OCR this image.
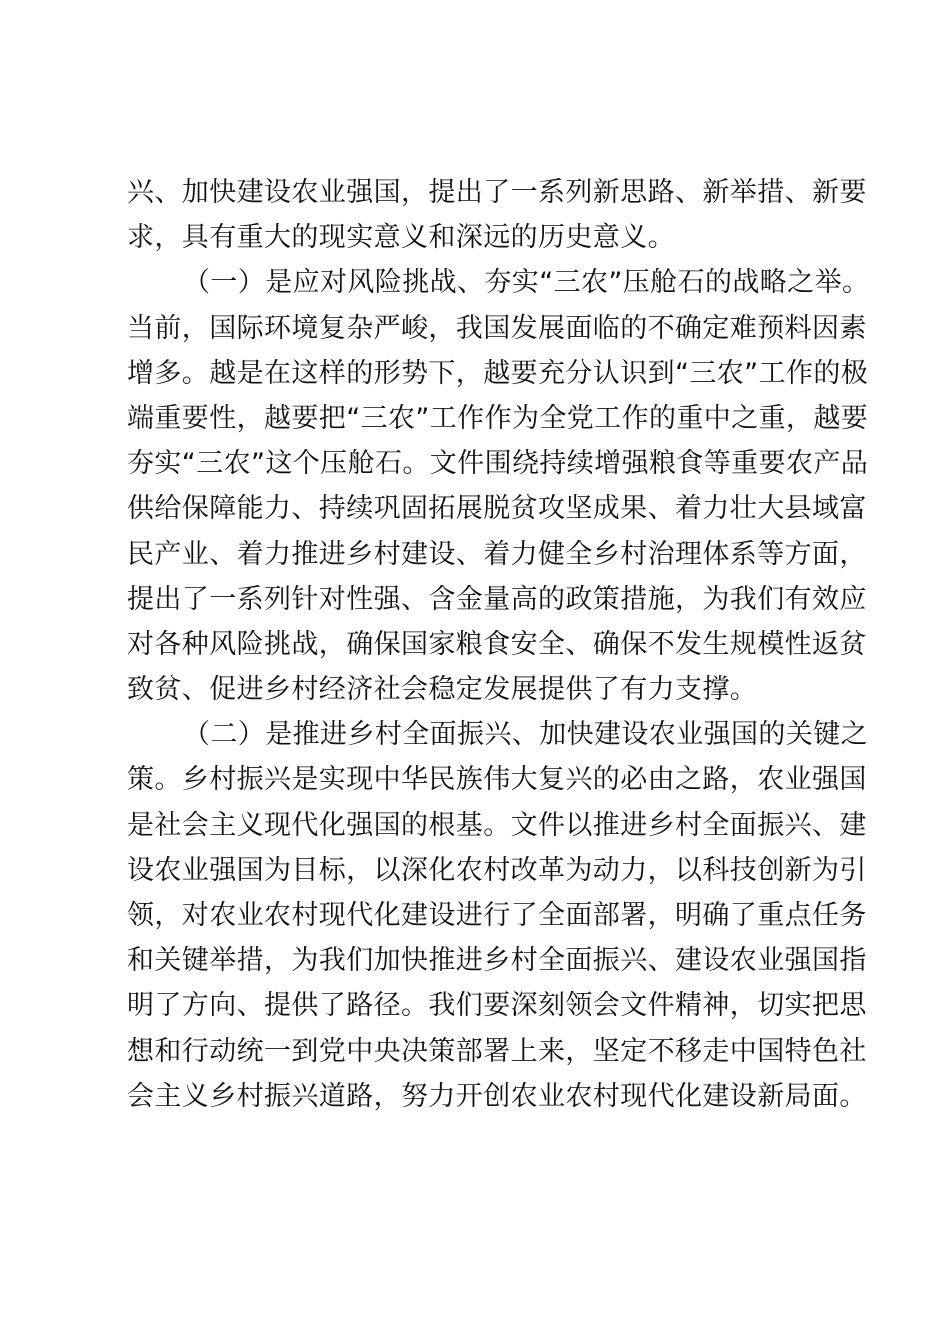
兴、加快建设农业强国，提出了一系列新思路、新举措、新要
求，具有重大的现实意义和深远的历史意义。
（一）是应对风险挑战、夯实“三农”压舱石的战略之举。
当前，国际环境复杂严峻，我国发展面临的不确定难预料因素
增多。越是在这样的形势下，越要充分认识到“三农”工作的极
端重要性，越要把“三农”工作作为全党工作的重中之重，越要
夯实“三农”这个压舱石。文件围绕持续增强粮食等重要农产品
供给保障能力、持续巩固拓展脱贫攻坚成果、着力壮大县域富
民产业、着力推进乡村建设、着力健全乡村治理体系等方面，
提出了一系列针对性强、含金量高的政策措施，为我们有效应
对各种风险挑战，确保国家粮食安全、确保不发生规模性返贫
致贫、促进乡村经济社会稳定发展提供了有力支撑。
（二）是推进乡村全面振兴、加快建设农业强国的关键之
策。乡村振兴是实现中华民族伟大复兴的必由之路，农业强国
是社会主义现代化强国的根基。文件以推进乡村全面振兴、建
设农业强国为目标，以深化农村改革为动力，以科技创新为引
领，对农业农村现代化建设进行了全面部署，明确了重点任务
和关键举措，为我们加快推进乡村全面振兴、建设农业强国指
明了方向、提供了路径。我们要深刻领会文件精神，切实把思
想和行动统一到党中央决策部署上来，坚定不移走中国特色社
会主义乡村振兴道路，努力开创农业农村现代化建设新局面。
